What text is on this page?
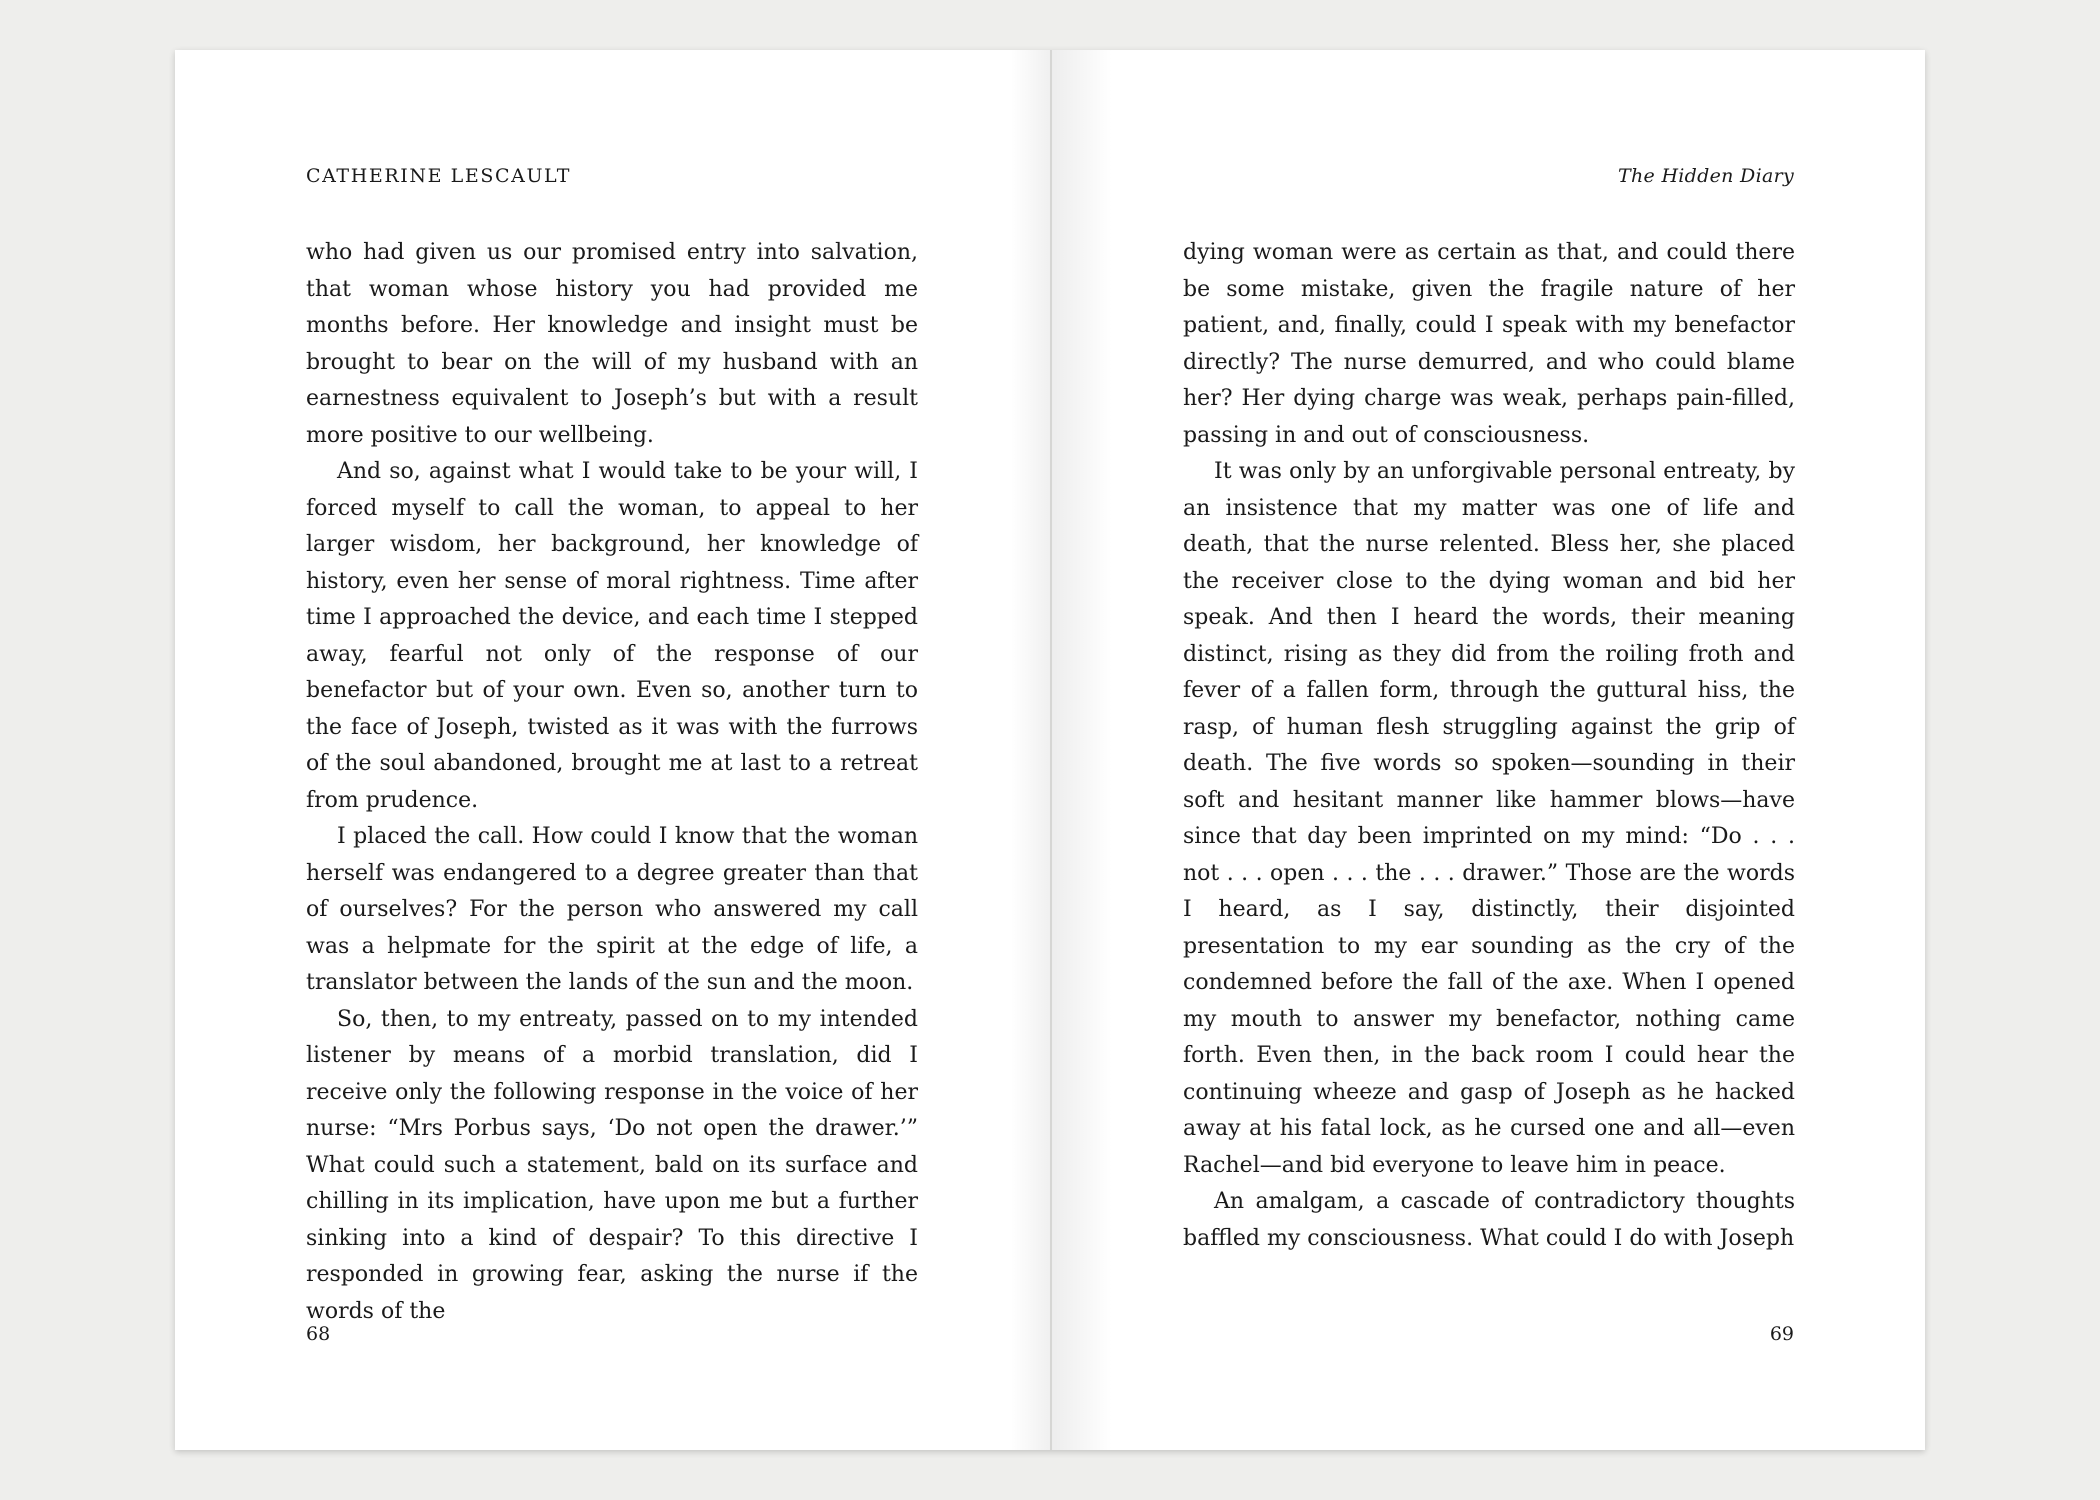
CATHERINE LESCAULT

who had given us our promised entry into salvation, that woman whose history you had provided me months before. Her knowledge and insight must be brought to bear on the will of my husband with an earnestness equivalent to Joseph’s but with a result more positive to our wellbeing.

And so, against what I would take to be your will, I forced myself to call the woman, to appeal to her larger wisdom, her background, her knowledge of history, even her sense of moral rightness. Time after time I approached the device, and each time I stepped away, fearful not only of the response of our benefactor but of your own. Even so, another turn to the face of Joseph, twisted as it was with the furrows of the soul abandoned, brought me at last to a retreat from prudence.

I placed the call. How could I know that the woman herself was endangered to a degree greater than that of ourselves? For the person who answered my call was a helpmate for the spirit at the edge of life, a translator between the lands of the sun and the moon.

So, then, to my entreaty, passed on to my intended listener by means of a morbid translation, did I receive only the following response in the voice of her nurse: “Mrs Porbus says, ‘Do not open the drawer.’” What could such a statement, bald on its surface and chilling in its implication, have upon me but a further sinking into a kind of despair? To this directive I responded in growing fear, asking the nurse if the words of the

68

The Hidden Diary

dying woman were as certain as that, and could there be some mistake, given the fragile nature of her patient, and, finally, could I speak with my benefactor directly? The nurse demurred, and who could blame her? Her dying charge was weak, perhaps pain-filled, passing in and out of consciousness.

It was only by an unforgivable personal entreaty, by an insistence that my matter was one of life and death, that the nurse relented. Bless her, she placed the receiver close to the dying woman and bid her speak. And then I heard the words, their meaning distinct, rising as they did from the roiling froth and fever of a fallen form, through the guttural hiss, the rasp, of human flesh struggling against the grip of death. The five words so spoken—sounding in their soft and hesitant manner like hammer blows—have since that day been imprinted on my mind: “Do . . . not . . . open . . . the . . . drawer.” Those are the words I heard, as I say, distinctly, their disjointed presentation to my ear sounding as the cry of the condemned before the fall of the axe. When I opened my mouth to answer my benefactor, nothing came forth. Even then, in the back room I could hear the continuing wheeze and gasp of Joseph as he hacked away at his fatal lock, as he cursed one and all—even Rachel—and bid everyone to leave him in peace.

An amalgam, a cascade of contradictory thoughts baffled my consciousness. What could I do with Joseph

69
